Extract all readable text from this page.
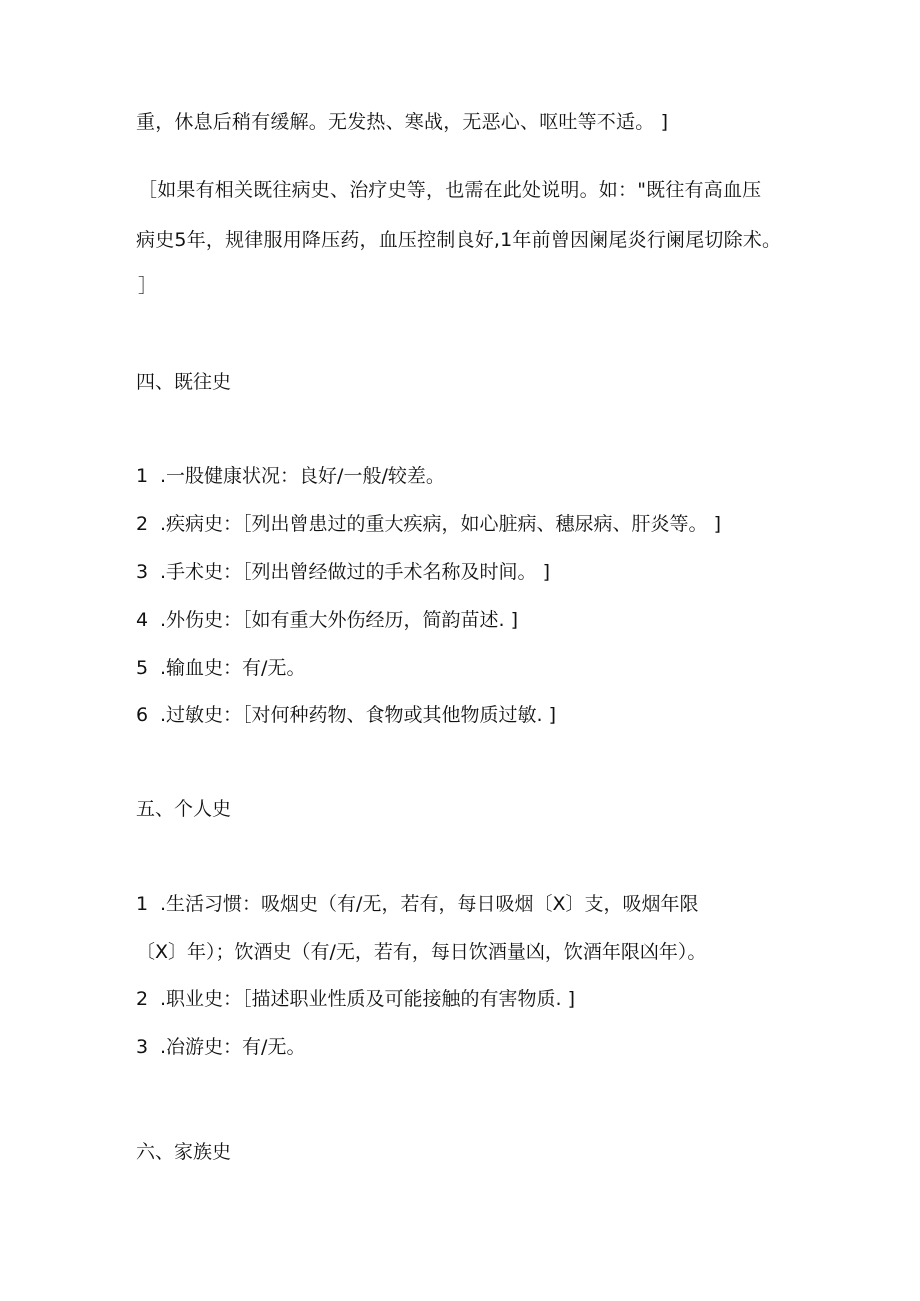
重，休息后稍有缓解。无发热、寒战，无恶心、呕吐等不适。 ]
［如果有相关既往病史、治疗史等，也需在此处说明。如："既往有高血压
病史5年，规律服用降压药，血压控制良好,1年前曾因阑尾炎行阑尾切除术。
］
四、既往史
1 .一股健康状况：良好/一般/较差。
2 .疾病史：［列出曾患过的重大疾病，如心脏病、穗尿病、肝炎等。 ]
3 .手术史：［列出曾经做过的手术名称及时间。 ]
4 .外伤史：［如有重大外伤经历，简韵苗述. ]
5 .输血史：有/无。
6 .过敏史：［对何种药物、食物或其他物质过敏. ]
五、个人史
1 .生活习惯：吸烟史（有/无，若有，每日吸烟〔X〕支，吸烟年限
〔X〕年）；饮酒史（有/无，若有，每日饮酒量凶，饮酒年限凶年）。
2 .职业史：［描述职业性质及可能接触的有害物质. ]
3 .冶游史：有/无。
六、家族史
